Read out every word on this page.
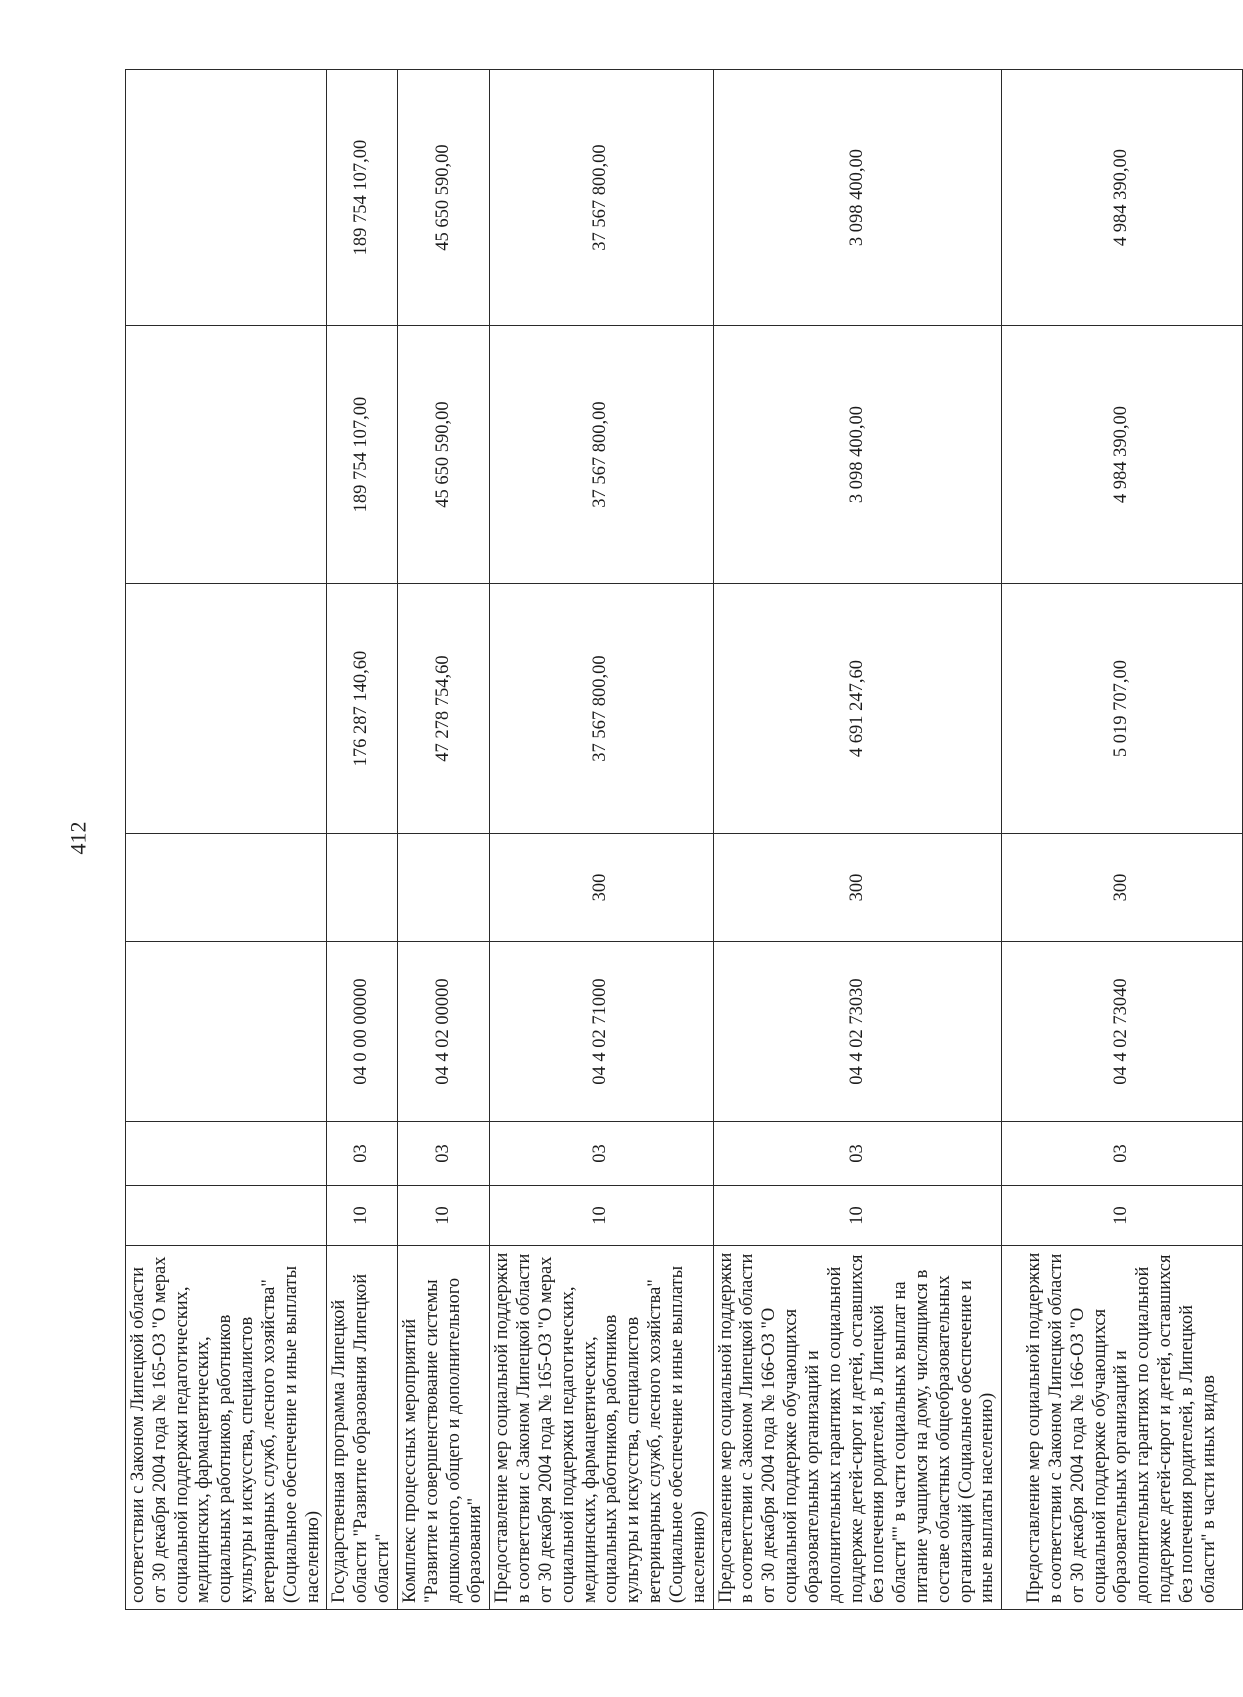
412
соответствии с Законом Липецкой области от 30 декабря 2004 года № 165-ОЗ "О мерах социальной поддержки педагогических, медицинских, фармацевтических, социальных работников, работников культуры и искусства, специалистов ветеринарных служб, лесного хозяйства" (Социальное обеспечение и иные выплаты населению)							
Государственная программа Липецкой области "Развитие образования Липецкой области"	10	03	04 0 00 00000		176 287 140,60	189 754 107,00	189 754 107,00
Комплекс процессных мероприятий "Развитие и совершенствование системы дошкольного, общего и дополнительного образования"	10	03	04 4 02 00000		47 278 754,60	45 650 590,00	45 650 590,00
Предоставление мер социальной поддержки в соответствии с Законом Липецкой области от 30 декабря 2004 года № 165-ОЗ "О мерах социальной поддержки педагогических, медицинских, фармацевтических, социальных работников, работников культуры и искусства, специалистов ветеринарных служб, лесного хозяйства" (Социальное обеспечение и иные выплаты населению)	10	03	04 4 02 71000	300	37 567 800,00	37 567 800,00	37 567 800,00
Предоставление мер социальной поддержки в соответствии с Законом Липецкой области от 30 декабря 2004 года № 166-ОЗ "О социальной поддержке обучающихся образовательных организаций и дополнительных гарантиях по социальной поддержке детей-сирот и детей, оставшихся без попечения родителей, в Липецкой области"" в части социальных выплат на питание учащимся на дому, числящимся в составе областных общеобразовательных организаций (Социальное обеспечение и иные выплаты населению)	10	03	04 4 02 73030	300	4 691 247,60	3 098 400,00	3 098 400,00
Предоставление мер социальной поддержки в соответствии с Законом Липецкой области от 30 декабря 2004 года № 166-ОЗ "О социальной поддержке обучающихся образовательных организаций и дополнительных гарантиях по социальной поддержке детей-сирот и детей, оставшихся без попечения родителей, в Липецкой области" в части иных видов	10	03	04 4 02 73040	300	5 019 707,00	4 984 390,00	4 984 390,00
